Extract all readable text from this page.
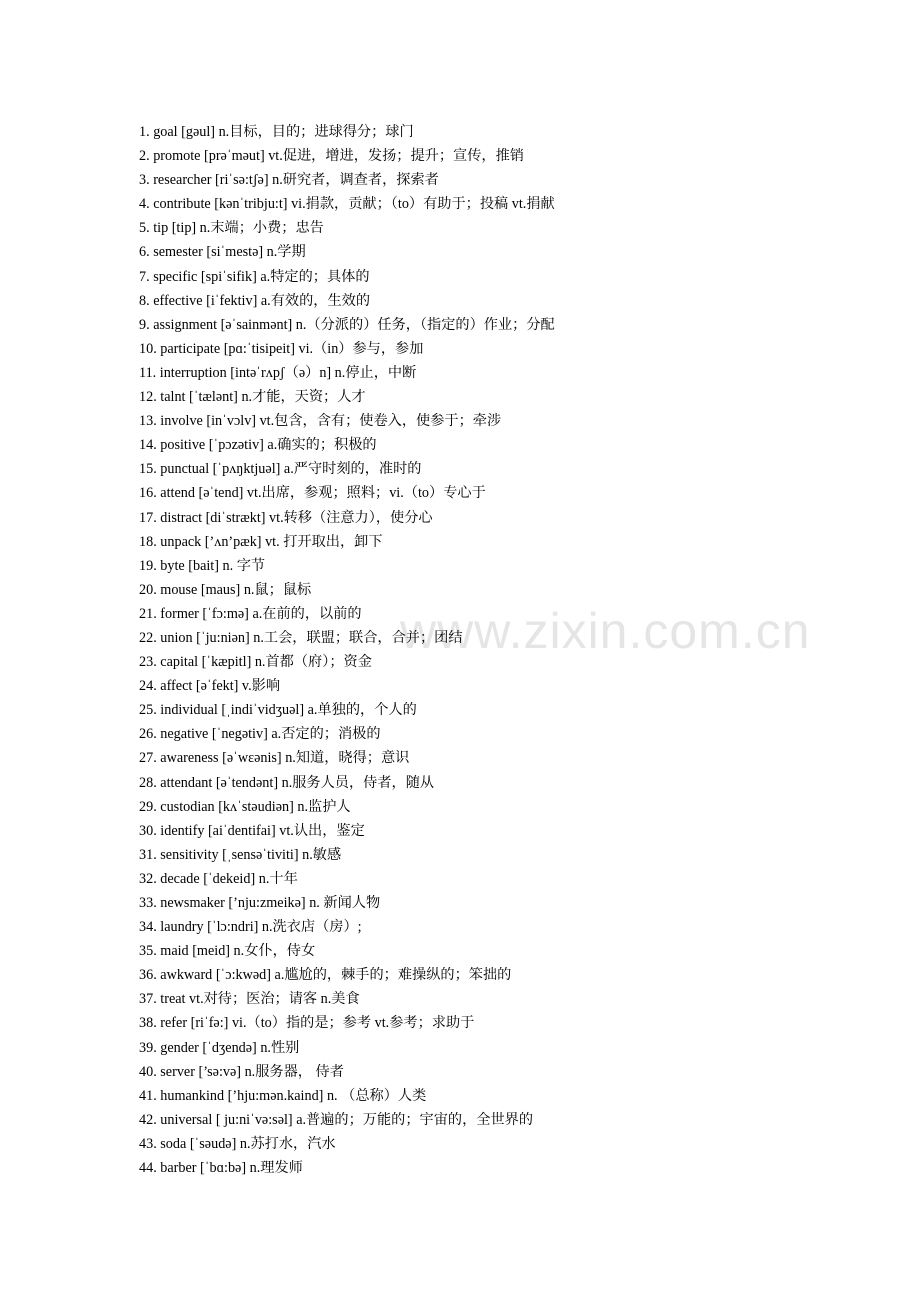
1. goal [gəul] n.目标，目的；进球得分；球门
2. promote [prəˈməut] vt.促进，增进，发扬；提升；宣传，推销
3. researcher [riˈsə:tʃə] n.研究者，调查者，探索者
4. contribute [kənˈtribju:t] vi.捐款，贡献；（to）有助于；投稿 vt.捐献
5. tip [tip] n.末端；小费；忠告
6. semester [siˈmestə] n.学期
7. specific [spiˈsifik] a.特定的；具体的
8. effective [iˈfektiv] a.有效的，生效的
9. assignment [əˈsainmənt] n.（分派的）任务，（指定的）作业；分配
10. participate [pɑ:ˈtisipeit] vi.（in）参与，参加
11. interruption [intəˈrʌpʃ（ə）n] n.停止，中断
12. talnt [ˈtælənt] n.才能，天资；人才
13. involve [inˈvɔlv] vt.包含，含有；使卷入，使参于；牵涉
14. positive [ˈpɔzətiv] a.确实的；积极的
15. punctual [ˈpʌŋktjuəl] a.严守时刻的，准时的
16. attend [əˈtend] vt.出席，参观；照料；vi.（to）专心于
17. distract [diˈstrækt] vt.转移（注意力），使分心
18. unpack [’ʌn’pæk] vt. 打开取出，卸下
19. byte [bait] n. 字节
20. mouse [maus] n.鼠；鼠标
21. former [ˈfɔ:mə] a.在前的，以前的
22. union [ˈju:niən] n.工会，联盟；联合，合并；团结
23. capital [ˈkæpitl] n.首都（府）；资金
24. affect [əˈfekt] v.影响
25. individual [ˌindiˈvidʒuəl] a.单独的，个人的
26. negative [ˈnegətiv] a.否定的；消极的
27. awareness [əˈwεənis] n.知道，晓得；意识
28. attendant [əˈtendənt] n.服务人员，侍者，随从
29. custodian [kʌˈstəudiən] n.监护人
30. identify [aiˈdentifai] vt.认出，鉴定
31. sensitivity [ˌsensəˈtiviti] n.敏感
32. decade [ˈdekeid] n.十年
33. newsmaker [’nju:zmeikə] n. 新闻人物
34. laundry [ˈlɔ:ndri] n.洗衣店（房）;
35. maid [meid] n.女仆，侍女
36. awkward [ˈɔ:kwəd] a.尴尬的，棘手的；难操纵的；笨拙的
37. treat vt.对待；医治；请客 n.美食
38. refer [riˈfə:] vi.（to）指的是；参考 vt.参考；求助于
39. gender [ˈdʒendə] n.性别
40. server [’sə:və] n.服务器， 侍者
41. humankind [’hju:mən.kaind] n. （总称）人类
42. universal [ ju:niˈvə:səl] a.普遍的；万能的；宇宙的，全世界的
43. soda [ˈsəudə] n.苏打水，汽水
44. barber [ˈbɑ:bə] n.理发师
www.zixin.com.cn
